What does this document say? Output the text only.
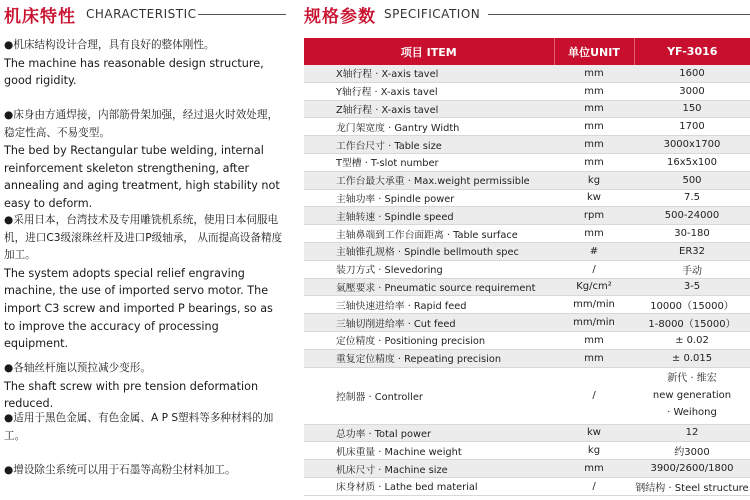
机床特性 CHARACTERISTIC
●机床结构设计合理，具有良好的整体刚性。
The machine has reasonable design structure, good rigidity.
●床身由方通焊接，内部筋骨架加强，经过退火时效处理，稳定性高、不易变型。
The bed by Rectangular tube welding, internal reinforcement skeleton strengthening, after annealing and aging treatment, high stability not easy to deform.
●采用日本，台湾技术及专用雕铣机系统，使用日本伺服电机，进口C3级滚珠丝杆及进口P级轴承， 从而提高设备精度加工。
The system adopts special relief engraving machine, the use of imported servo motor. The import C3 screw and imported P bearings, so as to improve the accuracy of processing equipment.
●各轴丝杆施以预拉减少变形。
The shaft screw with pre tension deformation reduced.
●适用于黑色金属、有色金属、A P S塑料等多种材料的加工。
●增设除尘系统可以用于石墨等高粉尘材料加工。
规格参数 SPECIFICATION
项目 ITEM	单位UNIT	YF-3016
X轴行程 · X-axis tavel	mm	1600
Y轴行程 · X-axis tavel	mm	3000
Z轴行程 · X-axis tavel	mm	150
龙门架宽度 · Gantry Width	mm	1700
工作台尺寸 · Table size	mm	3000x1700
T型槽 · T-slot number	mm	16x5x100
工作台最大承重 · Max.weight permissible	kg	500
主轴功率 · Spindle power	kw	7.5
主轴转速 · Spindle speed	rpm	500-24000
主轴鼻端到工作台面距离 · Table surface	mm	30-180
主轴锥孔规格 · Spindle bellmouth spec	#	ER32
装刀方式 · Slevedoring	/	手动
氣壓要求 · Pneumatic source requirement	Kg/cm²	3-5
三轴快速进给率 · Rapid feed	mm/min	10000（15000）
三轴切削进给率 · Cut feed	mm/min	1-8000（15000）
定位精度 · Positioning precision	mm	± 0.02
重复定位精度 · Repeating precision	mm	± 0.015
控制器 · Controller	/	新代 · 维宏
new generation
· Weihong

总功率 · Total power	kw	12
机床重量 · Machine weight	kg	约3000
机床尺寸 · Machine size	mm	3900/2600/1800
床身材质 · Lathe bed material	/	钢结构 · Steel structure
